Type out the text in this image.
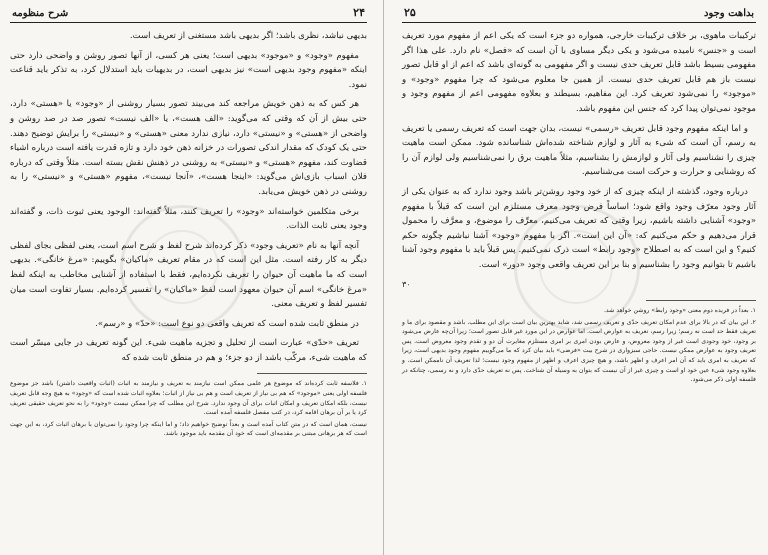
۲۴
شرح منظومه

بدیهی نباشد، نظری باشد؛ اگر بدیهی باشد مستغنی از تعریف است.

مفهوم «وجود» و «موجود» بدیهی است؛ یعنی هر کسی، از آنها تصور روشن و واضحی دارد حتی اینکه «مفهوم وجود بدیهی است» نیز بدیهی است، در بدیهیات باید استدلال کرد، به تذکر باید قناعت نمود.

هر کس که به ذهن خویش مراجعه کند می‌بیند تصور بسیار روشنی از «وجود» یا «هستی» دارد، حتی بیش از آن که وقتی که می‌گوید: «الف هست»، یا «الف نیست» تصور صد در صد روشن و واضحی از «هستی» و «نیستی» دارد، نیازی ندارد معنی «هستی» و «نیستی» را برایش توضیح دهند. حتی یک کودک که مقدار اندکی تصورات در خزانه ذهن خود دارد و تازه قدرت یافته است درباره اشیاء قضاوت کند، مفهوم «هستی» و «نیستی» به روشنی در ذهنش نقش بسته است. مثلاً وقتی که درباره فلان اسباب بازی‌اش می‌گوید: «اینجا هست»، «آنجا نیست»، مفهوم «هستی» و «نیستی» را به روشنی در ذهن خویش می‌یابد.

برخی متکلمین خواسته‌اند «وجود» را تعریف کنند، مثلاً گفته‌اند: الوجود یعنی ثبوت ذات، و گفته‌اند وجود یعنی ثابت الذات.

آنچه آنها به نام «تعریف وجود» ذکر کرده‌اند شرح لفظ و شرح اسم است، یعنی لفظی بجای لفظی دیگر به کار رفته است. مثل این است که در مقام تعریف «ماکیان» بگوییم: «مرغ خانگی». بدیهی است که ما ماهیت آن حیوان را تعریف نکرده‌ایم، فقط با استفاده از آشنایی مخاطب به اینکه لفظ «مرغ خانگی» اسم آن حیوان معهود است لفظ «ماکیان» را تفسیر کرده‌ایم. بسیار تفاوت است میان تفسیر لفظ و تعریف معنی.

در منطق ثابت شده است که تعریف واقعی دو نوع است: «حدّ» و «رسم».

تعریف «حدّی» عبارت است از تحلیل و تجزیه ماهیت شیء. این گونه تعریف در جایی میسّر است که ماهیت شیء، مرکّب باشد از دو جزء؛ و هم در منطق ثابت شده که

۱. فلاسفه ثابت کرده‌اند که موضوع هر علمی ممکن است نیازمند به تعریف و نیازمند به اثبات (اثبات واقعیت داشتن) باشد جز موضوع فلسفه اولی یعنی «موجود» که هم بی نیاز از تعریف است و هم بی نیاز از اثبات؛ بعلاوه اثبات شده است که «وجود» به هیچ وجه قابل تعریف نیست، بلکه امکان تعریف و امکان اثبات برای آن وجود ندارد. شرح این مطلب که چرا ممکن نیست «وجود» را به نحو تعریف حقیقی تعریف کرد یا بر آن برهان اقامه کرد، در کتب مفصل فلسفه آمده است.

نیست، همان است که در متن کتاب آمده است و بعداً توضیح خواهیم داد؛ و اما اینکه چرا وجود را نمی‌توان با برهان اثبات کرد، به این جهت است که هر برهانی مبتنی بر مقدمه‌ای است که خود آن مقدمه باید موجود باشد.

بداهت وجود
۲۵

ترکیبات ماهوی، بر خلاف ترکیبات خارجی، همواره دو جزء است که یکی اعم از مفهوم مورد تعریف است و «جنس» نامیده می‌شود و یکی دیگر مساوی با آن است که «فصل» نام دارد. علی هذا اگر مفهومی بسیط باشد قابل تعریف حدی نیست و اگر مفهومی به گونه‌ای باشد که اعم از او قابل تصور نیست باز هم قابل تعریف حدی نیست. از همین جا معلوم می‌شود که چرا مفهوم «وجود» و «موجود» را نمی‌شود تعریف کرد. این مفاهیم، بسیطند و بعلاوه مفهومی اعم از مفهوم وجود و موجود نمی‌توان پیدا کرد که جنس این مفهوم باشد.

و اما اینکه مفهوم وجود قابل تعریف «رسمی» نیست، بدان جهت است که تعریف رسمی یا تعریف به رسم، آن است که شیء به آثار و لوازم شناخته شده‌اش شناسانده شود. ممکن است ماهیت چیزی را نشناسیم ولی آثار و لوازمش را بشناسیم، مثلاً ماهیت برق را نمی‌شناسیم ولی لوازم آن را که روشنایی و حرارت و حرکت است می‌شناسیم.

درباره وجود، گذشته از اینکه چیزی که از خود وجود روشن‌تر باشد وجود ندارد که به عنوان یکی از آثار وجود معرّف وجود واقع شود؛ اساساً فرض وجود معرف مستلزم این است که قبلاً با مفهوم «وجود» آشنایی داشته باشیم، زیرا وقتی که تعریف می‌کنیم، معرِّف را موضوع، و معرَّف را محمول قرار می‌دهیم و حکم می‌کنیم که: «آن این است». اگر با مفهوم «وجود» آشنا نباشیم چگونه حکم کنیم؟ و این است که به اصطلاح «وجود رابط» است ذرک نمی‌کنیم. پس قبلاً باید با مفهوم وجود آشنا باشیم تا بتوانیم وجود را بشناسیم و بنا بر این تعریف واقعی وجود «دور» است.

۳۰

۱. بعداً در فریده دوم معنی «وجود رابط» روشن خواهد شد.

۲. این بیان که در بالا برای عدم امکان تعریف حدّی و تعریف رسمی شد، شاید بهترین بیان است برای این مطلب. باشد و مقصود برای ما و تعریف فقط حد است نه رسم؛ زیرا رسم، تعریف به عوارض است. اما عوارض در این مورد غیر قابل تصور است؛ زیرا آن‌چه عارض می‌شود بر وجود، خود وجودی است غیر از وجود معروض، و عارض بودن امری بر امری مستلزم مغایرت آن دو و تقدم وجود معروض است. پس تعریف وجود به عوارض ممکن نیست. حاجی سبزواری در شرح بیت «فرضی» باید بیان کرد که ما می‌گوییم مفهوم وجود بدیهی است، زیرا که تعریف به امری باید که آن امر اعرف و اظهر باشد، و هیچ چیزی اعرف و اظهر از مفهوم وجود نیست؛ لذا تعریف آن ناممکن است. و بعلاوه وجود شیء عین خود او است و چیزی غیر از آن نیست که بتوان به وسیله آن شناخت. پس نه تعریف حدّی دارد و نه رسمی، چنانکه در فلسفه اولی ذکر می‌شود.
